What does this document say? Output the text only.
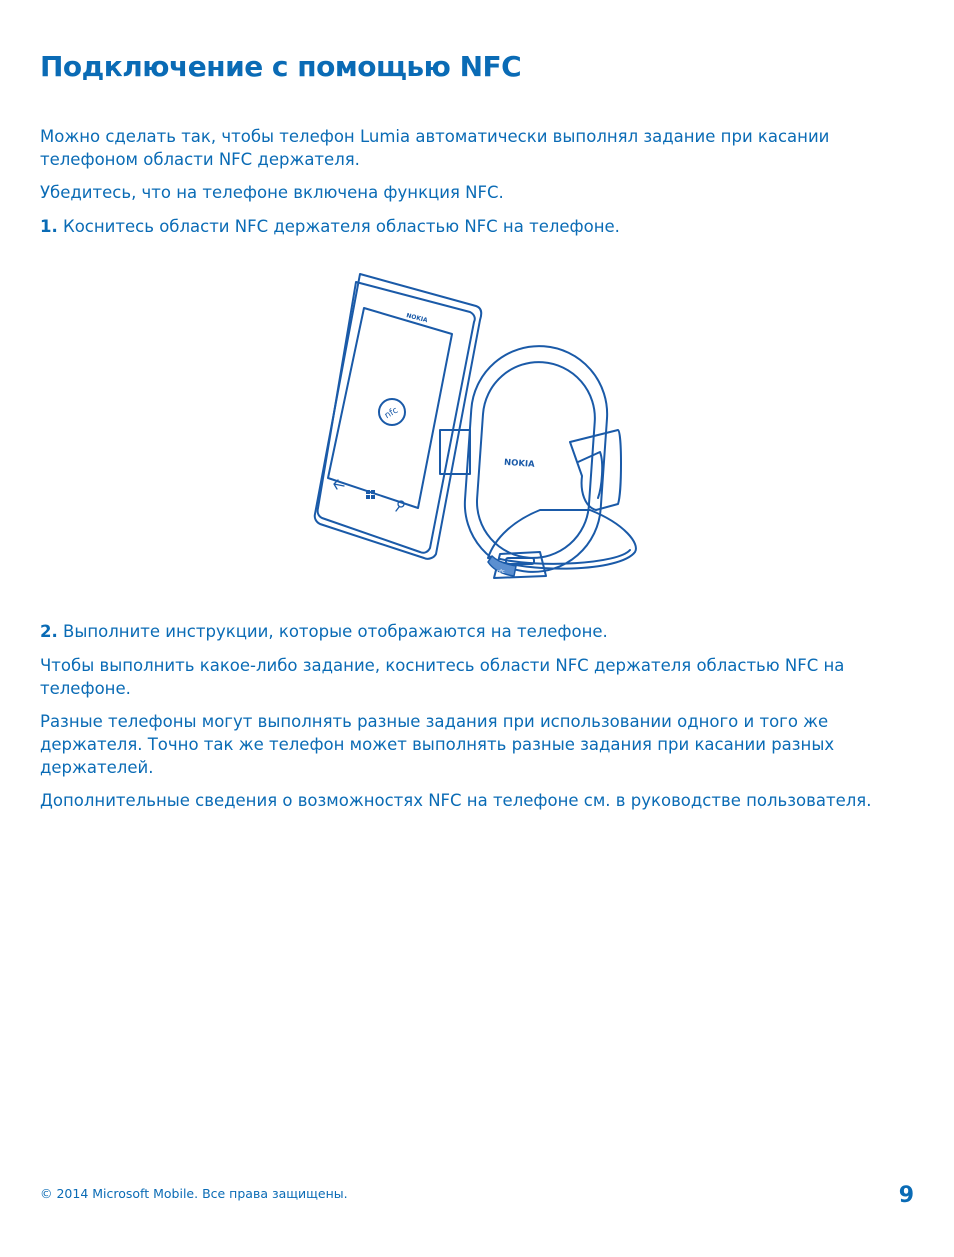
Подключение с помощью NFC

Можно сделать так, чтобы телефон Lumia автоматически выполнял задание при касании телефоном области NFC держателя.

Убедитесь, что на телефоне включена функция NFC.

1. Коснитесь области NFC держателя областью NFC на телефоне.

NOKIA
nfc
NOKIA
nfc

2. Выполните инструкции, которые отображаются на телефоне.

Чтобы выполнить какое-либо задание, коснитесь области NFC держателя областью NFC на телефоне.

Разные телефоны могут выполнять разные задания при использовании одного и того же держателя. Точно так же телефон может выполнять разные задания при касании разных держателей.

Дополнительные сведения о возможностях NFC на телефоне см. в руководстве пользователя.

© 2014 Microsoft Mobile. Все права защищены.	9
